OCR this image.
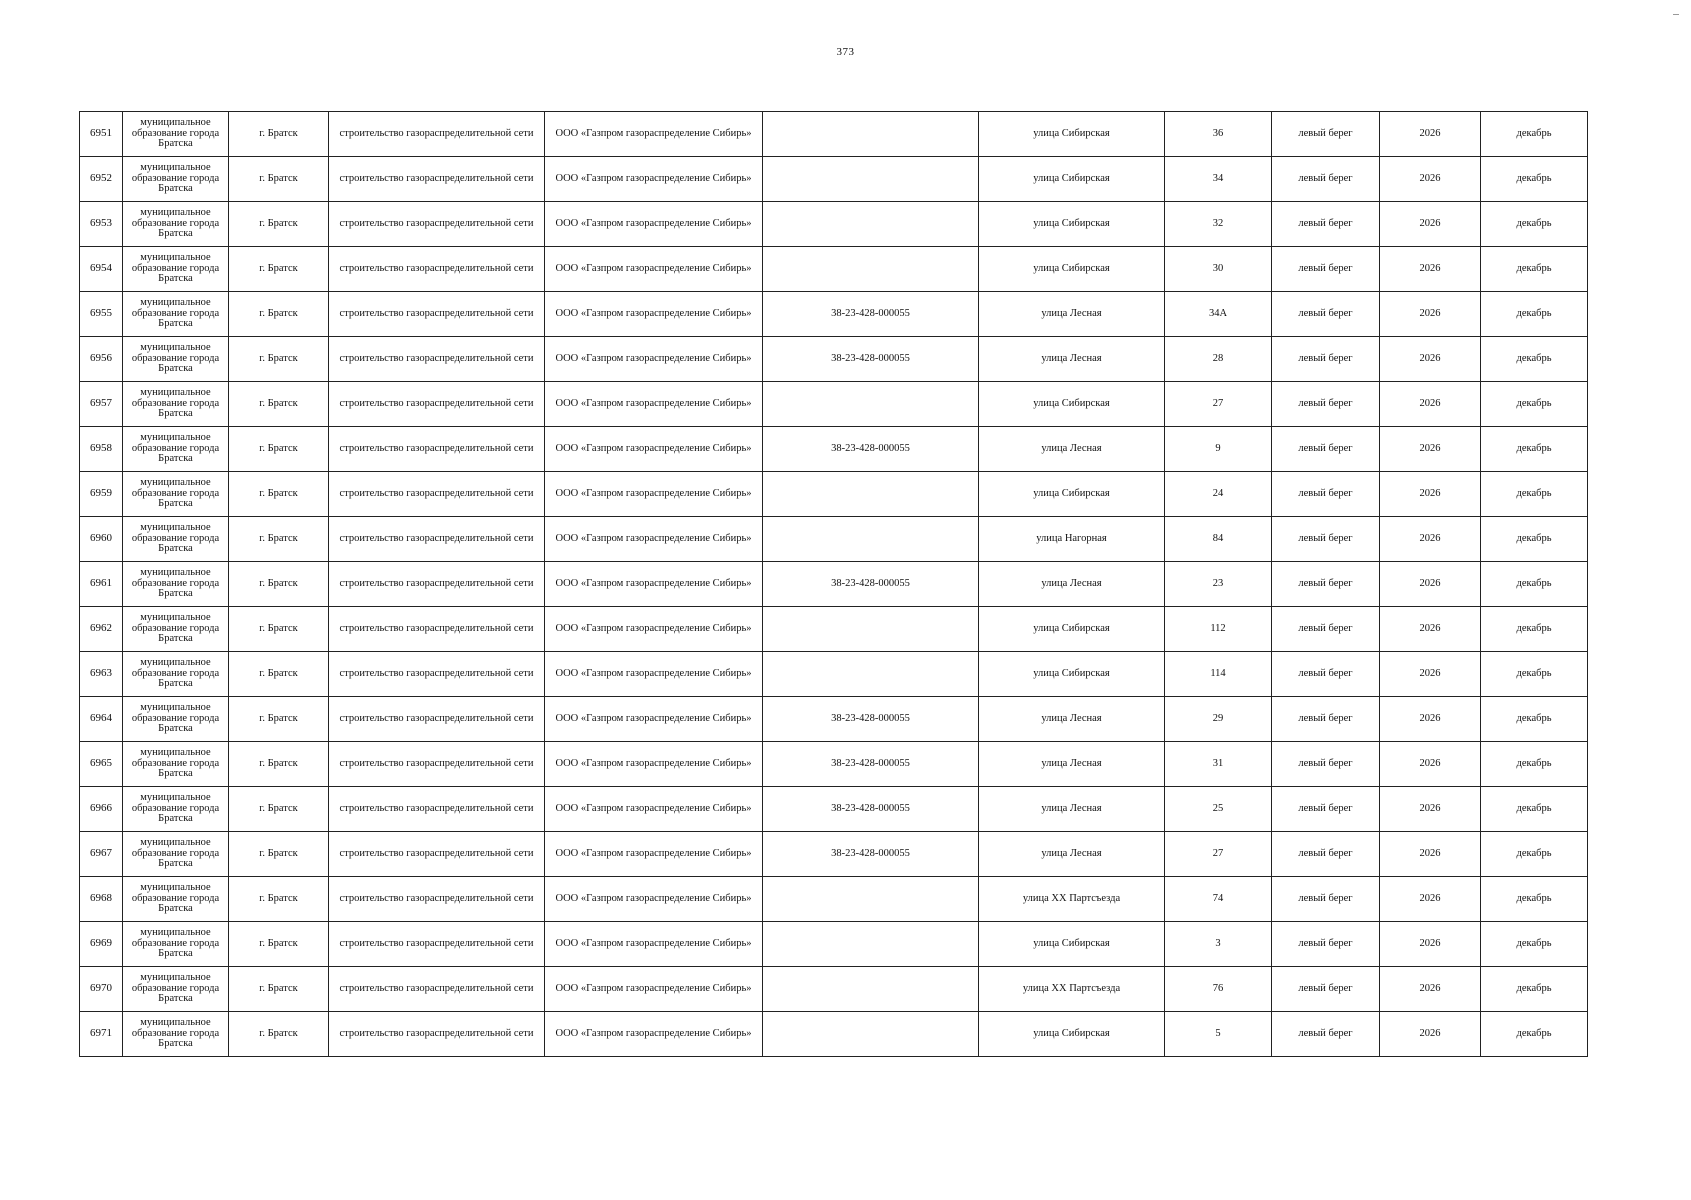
373
6951	муниципальное
образование города
Братска	г. Братск	строительство газораспределительной сети	ООО «Газпром газораспределение Сибирь»		улица Сибирская	36	левый берег	2026	декабрь
6952	муниципальное
образование города
Братска	г. Братск	строительство газораспределительной сети	ООО «Газпром газораспределение Сибирь»		улица Сибирская	34	левый берег	2026	декабрь
6953	муниципальное
образование города
Братска	г. Братск	строительство газораспределительной сети	ООО «Газпром газораспределение Сибирь»		улица Сибирская	32	левый берег	2026	декабрь
6954	муниципальное
образование города
Братска	г. Братск	строительство газораспределительной сети	ООО «Газпром газораспределение Сибирь»		улица Сибирская	30	левый берег	2026	декабрь
6955	муниципальное
образование города
Братска	г. Братск	строительство газораспределительной сети	ООО «Газпром газораспределение Сибирь»	38-23-428-000055	улица Лесная	34А	левый берег	2026	декабрь
6956	муниципальное
образование города
Братска	г. Братск	строительство газораспределительной сети	ООО «Газпром газораспределение Сибирь»	38-23-428-000055	улица Лесная	28	левый берег	2026	декабрь
6957	муниципальное
образование города
Братска	г. Братск	строительство газораспределительной сети	ООО «Газпром газораспределение Сибирь»		улица Сибирская	27	левый берег	2026	декабрь
6958	муниципальное
образование города
Братска	г. Братск	строительство газораспределительной сети	ООО «Газпром газораспределение Сибирь»	38-23-428-000055	улица Лесная	9	левый берег	2026	декабрь
6959	муниципальное
образование города
Братска	г. Братск	строительство газораспределительной сети	ООО «Газпром газораспределение Сибирь»		улица Сибирская	24	левый берег	2026	декабрь
6960	муниципальное
образование города
Братска	г. Братск	строительство газораспределительной сети	ООО «Газпром газораспределение Сибирь»		улица Нагорная	84	левый берег	2026	декабрь
6961	муниципальное
образование города
Братска	г. Братск	строительство газораспределительной сети	ООО «Газпром газораспределение Сибирь»	38-23-428-000055	улица Лесная	23	левый берег	2026	декабрь
6962	муниципальное
образование города
Братска	г. Братск	строительство газораспределительной сети	ООО «Газпром газораспределение Сибирь»		улица Сибирская	112	левый берег	2026	декабрь
6963	муниципальное
образование города
Братска	г. Братск	строительство газораспределительной сети	ООО «Газпром газораспределение Сибирь»		улица Сибирская	114	левый берег	2026	декабрь
6964	муниципальное
образование города
Братска	г. Братск	строительство газораспределительной сети	ООО «Газпром газораспределение Сибирь»	38-23-428-000055	улица Лесная	29	левый берег	2026	декабрь
6965	муниципальное
образование города
Братска	г. Братск	строительство газораспределительной сети	ООО «Газпром газораспределение Сибирь»	38-23-428-000055	улица Лесная	31	левый берег	2026	декабрь
6966	муниципальное
образование города
Братска	г. Братск	строительство газораспределительной сети	ООО «Газпром газораспределение Сибирь»	38-23-428-000055	улица Лесная	25	левый берег	2026	декабрь
6967	муниципальное
образование города
Братска	г. Братск	строительство газораспределительной сети	ООО «Газпром газораспределение Сибирь»	38-23-428-000055	улица Лесная	27	левый берег	2026	декабрь
6968	муниципальное
образование города
Братска	г. Братск	строительство газораспределительной сети	ООО «Газпром газораспределение Сибирь»		улица XX Партсъезда	74	левый берег	2026	декабрь
6969	муниципальное
образование города
Братска	г. Братск	строительство газораспределительной сети	ООО «Газпром газораспределение Сибирь»		улица Сибирская	3	левый берег	2026	декабрь
6970	муниципальное
образование города
Братска	г. Братск	строительство газораспределительной сети	ООО «Газпром газораспределение Сибирь»		улица XX Партсъезда	76	левый берег	2026	декабрь
6971	муниципальное
образование города
Братска	г. Братск	строительство газораспределительной сети	ООО «Газпром газораспределение Сибирь»		улица Сибирская	5	левый берег	2026	декабрь
